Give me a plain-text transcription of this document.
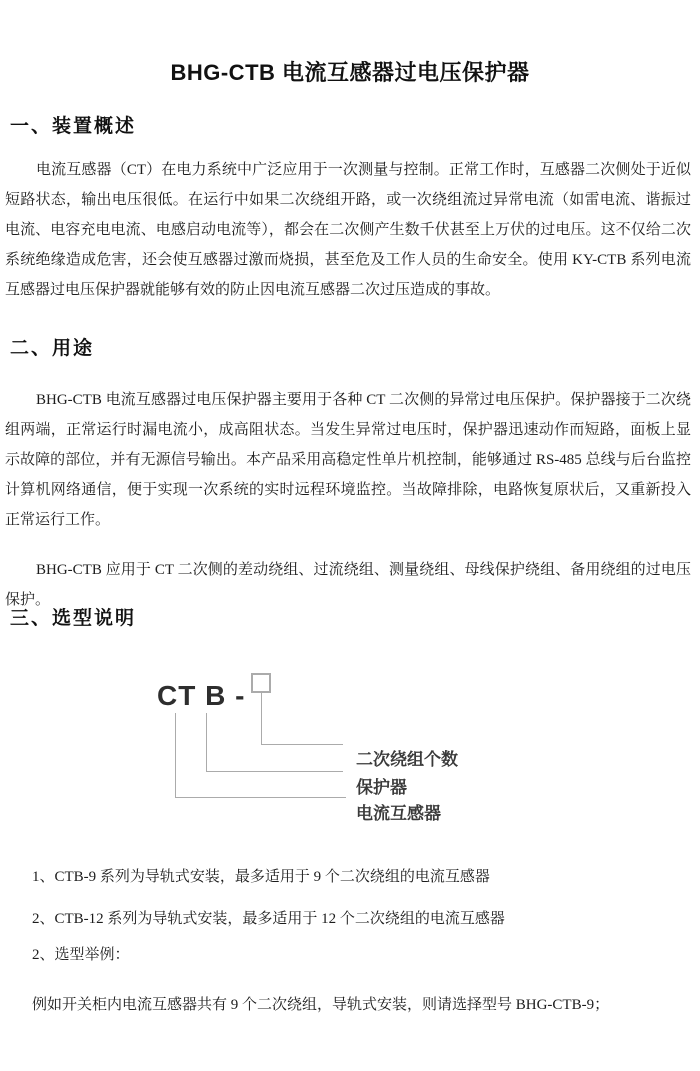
BHG-CTB 电流互感器过电压保护器
一、装置概述
电流互感器（CT）在电力系统中广泛应用于一次测量与控制。正常工作时，互感器二次侧处于近似短路状态，输出电压很低。在运行中如果二次绕组开路，或一次绕组流过异常电流（如雷电流、谐振过电流、电容充电电流、电感启动电流等），都会在二次侧产生数千伏甚至上万伏的过电压。这不仅给二次系统绝缘造成危害，还会使互感器过激而烧损，甚至危及工作人员的生命安全。使用 KY-CTB 系列电流互感器过电压保护器就能够有效的防止因电流互感器二次过压造成的事故。
二、用途
BHG-CTB 电流互感器过电压保护器主要用于各种 CT 二次侧的异常过电压保护。保护器接于二次绕组两端，正常运行时漏电流小，成高阻状态。当发生异常过电压时，保护器迅速动作而短路，面板上显示故障的部位，并有无源信号输出。本产品采用高稳定性单片机控制，能够通过 RS-485 总线与后台监控计算机网络通信，便于实现一次系统的实时远程环境监控。当故障排除，电路恢复原状后，又重新投入正常运行工作。
BHG-CTB 应用于 CT 二次侧的差动绕组、过流绕组、测量绕组、母线保护绕组、备用绕组的过电压保护。
三、选型说明
CT B -
二次绕组个数
保护器
电流互感器
1、CTB-9 系列为导轨式安装，最多适用于 9 个二次绕组的电流互感器
2、CTB-12 系列为导轨式安装，最多适用于 12 个二次绕组的电流互感器
2、选型举例：
例如开关柜内电流互感器共有 9 个二次绕组，导轨式安装，则请选择型号 BHG-CTB-9；
